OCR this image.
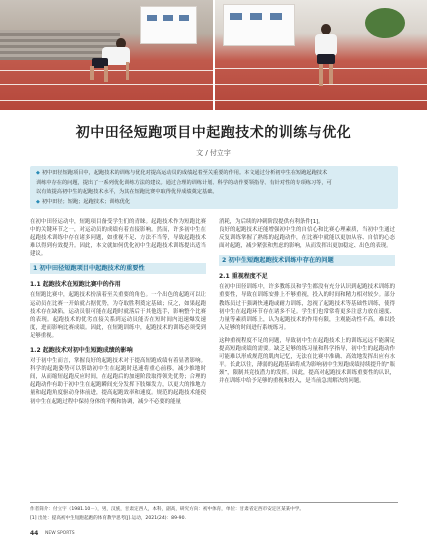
初中田径短跑项目中起跑技术的训练与优化
文 / 付立宇
◆ 初中田径短跑项目中，起跑技术的训练与优化对提高运动员的成绩起着至关重要的作用。本文通过分析初中生在短跑起跑技术
训练中存在的问题，提出了一系列优化训练方法的建议。通过合理的训练计划、科学的动作要领指导、有针对性的专项练习等，可
以有效提高初中生的起跑技术水平，为其在短跑比赛中取得优异成绩奠定基础。
◆ 初中田径；短跑；起跑技术；训练优化

在初中田径运动中，短跑项目备受学生们的青睐。起跑技术作为短跑比赛中的关键环节之一，对运动员的成绩有着直接影响。然而，许多初中生在起跑技术训练中存在诸多问题，如重视不足、方法不当等，导致起跑技术难以得到有效提升。因此，本文就如何优化初中生起跑技术训练提出适当建议。

1 初中田径短跑项目中起跑技术的重要性
1.1 起跑技术在短跑比赛中的作用

在短跑比赛中，起跑技术扮演着至关重要的角色。一个出色的起跑可以让运动员在比赛一开始就占据优势，为夺取胜利奠定基础；反之，如果起跑技术存在缺陷，运动员很可能在起跑时就落后于其他选手，影响整个比赛的表现。起跑技术的优劣直接关系到运动员能否在短时间内迅速爆发速度，进而影响比赛成绩。因此，在短跑训练中，起跑技术的训练必须受到足够重视。

1.2 起跑技术对初中生短跑成绩的影响

对于初中生而言，掌握良好的起跑技术对于提高短跑成绩有着显著影响。科学的起跑姿势可以帮助初中生在起跑时迅速将重心前移，减少推地时间，从而缩短起跑反应时间，在起跑后的加速阶段取得领先优势；合理的起跑动作有助于初中生在起跑瞬间充分发挥下肢爆发力，以更大的推地力量和起跑角度驱动身体前进，提高起跑效率和速度。规范的起跑技术能使初中生在起跑过程中保持身体的平衡和协调，减少不必要的能量

消耗，为后续的冲刺阶段提供有利条件[1]。

良好的起跑技术还能增强初中生的自信心和比赛心理素质，当初中生通过反复训练掌握了熟练的起跑动作，在比赛中就能以更加从容、自信的心态面对起跑，减少紧张和焦虑的影响，从而发挥出更加稳定、出色的表现。

2 初中生短跑起跑技术训练中存在的问题
2.1 重视程度不足

在初中田径训练中，许多教练员和学生都没有充分认识到起跑技术训练的重要性，导致在训练安排上不够重视，投入的时间和精力相对较少。部分教练员过于强调快速跑或耐力训练，忽视了起跑技术等基础性训练，使得初中生在起跑环节存在诸多不足。学生们也常常将更多注意力放在速度、力量等素质训练上，认为起跑技术的作用有限，主观能动性不高，难以投入足够的时间进行系统练习。

这种重视程度不足的问题，导致初中生在起跑技术上的训练远远不能满足提高短跑成绩的需要。缺乏足够的练习量和科学指导，初中生的起跑动作可能难以形成规范的肌肉记忆，无法在比赛中准确、高效地发挥出应有水平。长此以往，薄弱的起跑基础将成为影响初中生短跑成绩持续提升的“瓶颈”，限制其竞技潜力的发挥。因此，提高对起跑技术训练重要性的认识，并在训练中给予足够的重视和投入，是当前急需解决的问题。

作者简介：付立宇（1981.10－），男，汉族，甘肃定西人，本科，副高，研究方向：初中体育，单位：甘肃省定西市安定区某某中学。
[1] 出处：提高初中生短跑起跑的体育教学思考[J].运动，2021(24)：89-90.
44 NEW SPORTS
